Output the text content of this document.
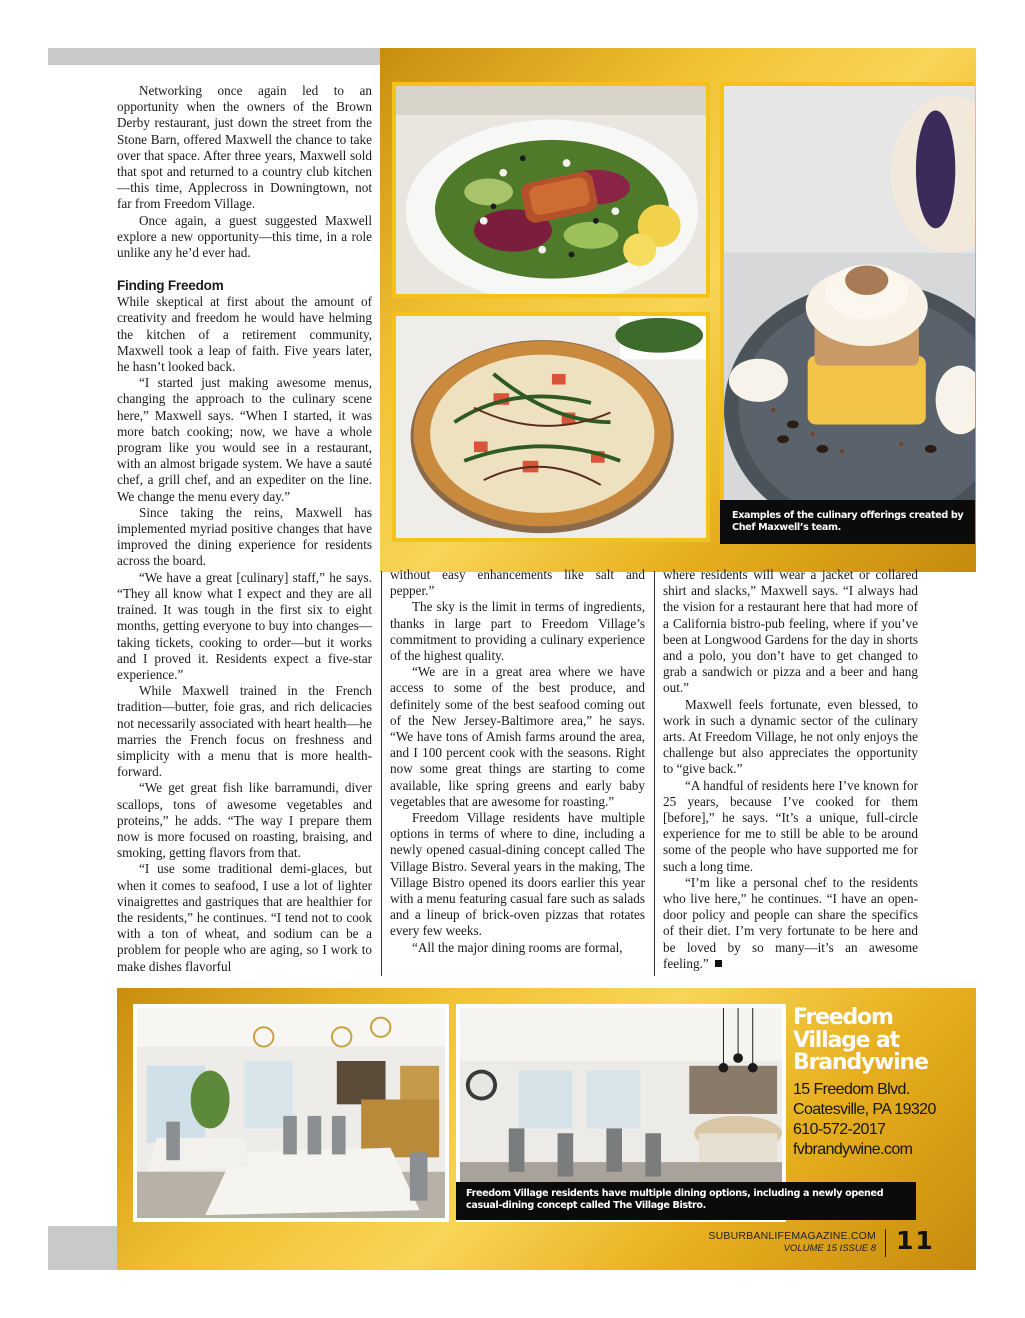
Examples of the culinary offerings created by Chef Maxwell’s team.

Networking once again led to an opportunity when the owners of the Brown Derby restaurant, just down the street from the Stone Barn, offered Maxwell the chance to take over that space. After three years, Maxwell sold that spot and returned to a country club kitchen—this time, Applecross in Downingtown, not far from Freedom Village.

Once again, a guest suggested Maxwell explore a new opportunity—this time, in a role unlike any he’d ever had.

Finding Freedom

While skeptical at first about the amount of creativity and freedom he would have helming the kitchen of a retirement community, Maxwell took a leap of faith. Five years later, he hasn’t looked back.

“I started just making awesome menus, changing the approach to the culinary scene here,” Maxwell says. “When I started, it was more batch cooking; now, we have a whole program like you would see in a restaurant, with an almost brigade system. We have a sauté chef, a grill chef, and an expediter on the line. We change the menu every day.”

Since taking the reins, Maxwell has implemented myriad positive changes that have improved the dining experience for residents across the board.

“We have a great [culinary] staff,” he says. “They all know what I expect and they are all trained. It was tough in the first six to eight months, getting everyone to buy into changes—taking tickets, cooking to order—but it works and I proved it. Residents expect a five-star experience.”

While Maxwell trained in the French tradition—butter, foie gras, and rich delicacies not necessarily associated with heart health—he marries the French focus on freshness and simplicity with a menu that is more health-forward.

“We get great fish like barramundi, diver scallops, tons of awesome vegetables and proteins,” he adds. “The way I prepare them now is more focused on roasting, braising, and smoking, getting flavors from that.

“I use some traditional demi-glaces, but when it comes to seafood, I use a lot of lighter vinaigrettes and gastriques that are healthier for the residents,” he continues. “I tend not to cook with a ton of wheat, and sodium can be a problem for people who are aging, so I work to make dishes flavorful

without easy enhancements like salt and pepper.”

The sky is the limit in terms of ingredients, thanks in large part to Freedom Village’s commitment to providing a culinary experience of the highest quality.

“We are in a great area where we have access to some of the best produce, and definitely some of the best seafood coming out of the New Jersey-Baltimore area,” he says. “We have tons of Amish farms around the area, and I 100 percent cook with the seasons. Right now some great things are starting to come available, like spring greens and early baby vegetables that are awesome for roasting.”

Freedom Village residents have multiple options in terms of where to dine, including a newly opened casual-dining concept called The Village Bistro. Several years in the making, The Village Bistro opened its doors earlier this year with a menu featuring casual fare such as salads and a lineup of brick-oven pizzas that rotates every few weeks.

“All the major dining rooms are formal,

where residents will wear a jacket or collared shirt and slacks,” Maxwell says. “I always had the vision for a restaurant here that had more of a California bistro-pub feeling, where if you’ve been at Longwood Gardens for the day in shorts and a polo, you don’t have to get changed to grab a sandwich or pizza and a beer and hang out.”

Maxwell feels fortunate, even blessed, to work in such a dynamic sector of the culinary arts. At Freedom Village, he not only enjoys the challenge but also appreciates the opportunity to “give back.”

“A handful of residents here I’ve known for 25 years, because I’ve cooked for them [before],” he says. “It’s a unique, full-circle experience for me to still be able to be around some of the people who have supported me for such a long time.

“I’m like a personal chef to the residents who live here,” he continues. “I have an open-door policy and people can share the specifics of their diet. I’m very fortunate to be here and be loved by so many—it’s an awesome feeling.”

Freedom Village residents have multiple dining options, including a newly opened casual-dining concept called The Village Bistro.
Freedom
Village at
Brandywine
15 Freedom Blvd.
Coatesville, PA 19320
610-572-2017
fvbrandywine.com
SUBURBANLIFEMAGAZINE.COM
VOLUME 15 ISSUE 8 11
